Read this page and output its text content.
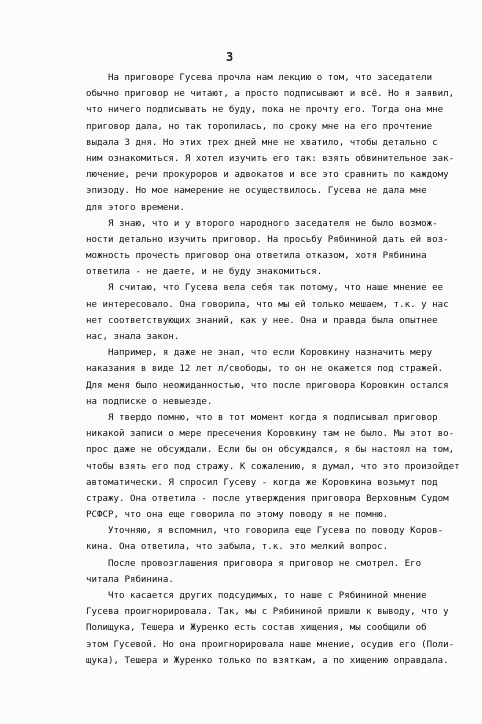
3
На приговоре Гусева прочла нам лекцию о том, что заседатели
обычно приговор не читают, а просто подписывают и всё. Но я заявил,
что ничего подписывать не буду, пока не прочту его. Тогда она мне
приговор дала, но так торопилась, по сроку мне на его прочтение
выдала 3 дня. Но этих трех дней мне не хватило, чтобы детально с
ним ознакомиться. Я хотел изучить его так: взять обвинительное зак-
лючение, речи прокуроров и адвокатов и все это сравнить по каждому
эпизоду. Но мое намерение не осуществилось. Гусева не дала мне
для этого времени.
Я знаю, что и у второго народного заседателя не было возмож-
ности детально изучить приговор. На просьбу Рябининой дать ей воз-
можность прочесть приговор она ответила отказом, хотя Рябинина
ответила - не даете, и не буду знакомиться.
Я считаю, что Гусева вела себя так потому, что наше мнение ее
не интересовало. Она говорила, что мы ей только мешаем, т.к. у нас
нет соответствующих знаний, как у нее. Она и правда была опытнее
нас, знала закон.
Например, я даже не знал, что если Коровкину назначить меру
наказания в виде 12 лет л/свободы, то он не окажется под стражей.
Для меня было неожиданностью, что после приговора Коровкин остался
на подписке о невыезде.
Я твердо помню, что в тот момент когда я подписывал приговор
никакой записи о мере пресечения Коровкину там не было. Мы этот во-
прос даже не обсуждали. Если бы он обсуждался, я бы настоял на том,
чтобы взять его под стражу. К сожалению, я думал, что это произойдет
автоматически. Я спросил Гусеву - когда же Коровкина возьмут под
стражу. Она ответила - после утверждения приговора Верховным Судом
РСФСР, что она еще говорила по этому поводу я не помню.
Уточняю, я вспомнил, что говорила еще Гусева по поводу Коров-
кина. Она ответила, что забыла, т.к. это мелкий вопрос.
После провозглашения приговора я приговор не смотрел. Его
читала Рябинина.
Что касается других подсудимых, то наше с Рябининой мнение
Гусева проигнорировала. Так, мы с Рябининой пришли к выводу, что у
Полищука, Тешера и Журенко есть состав хищения, мы сообщили об
этом Гусевой. Но она проигнорировала наше мнение, осудив его (Поли-
щука), Тешера и Журенко только по взяткам, а по хищению оправдала.
